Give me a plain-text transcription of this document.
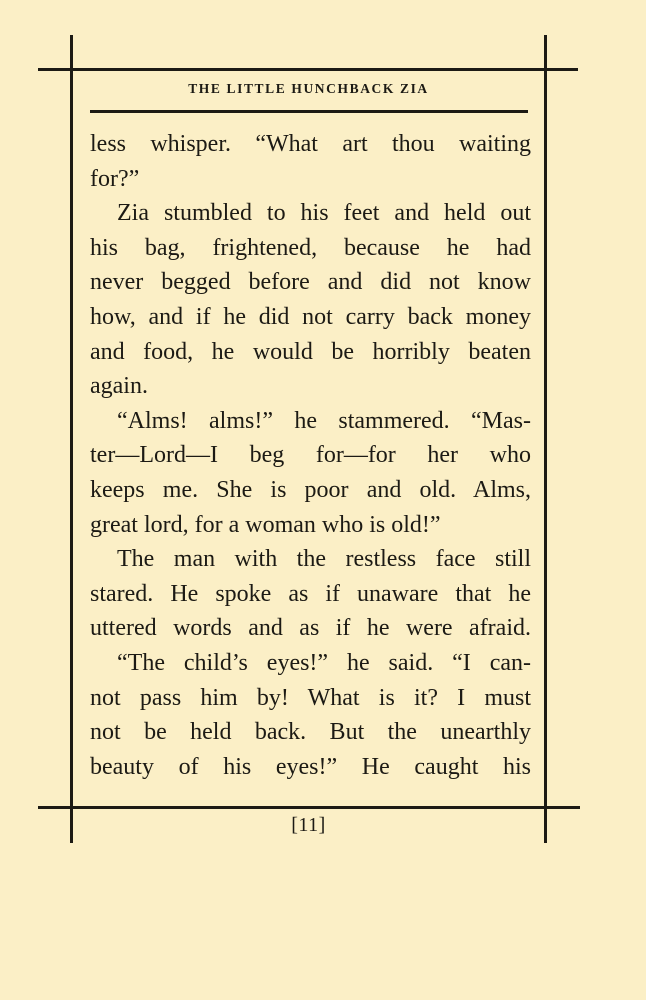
THE LITTLE HUNCHBACK ZIA
less whisper. “What art thou waiting
for?”
Zia stumbled to his feet and held out
his bag, frightened, because he had
never begged before and did not know
how, and if he did not carry back money
and food, he would be horribly beaten
again.
“Alms! alms!” he stammered. “Mas-
ter—Lord—I beg for—for her who
keeps me. She is poor and old. Alms,
great lord, for a woman who is old!”
The man with the restless face still
stared. He spoke as if unaware that he
uttered words and as if he were afraid.
“The child’s eyes!” he said. “I can-
not pass him by! What is it? I must
not be held back. But the unearthly
beauty of his eyes!” He caught his
[11]
